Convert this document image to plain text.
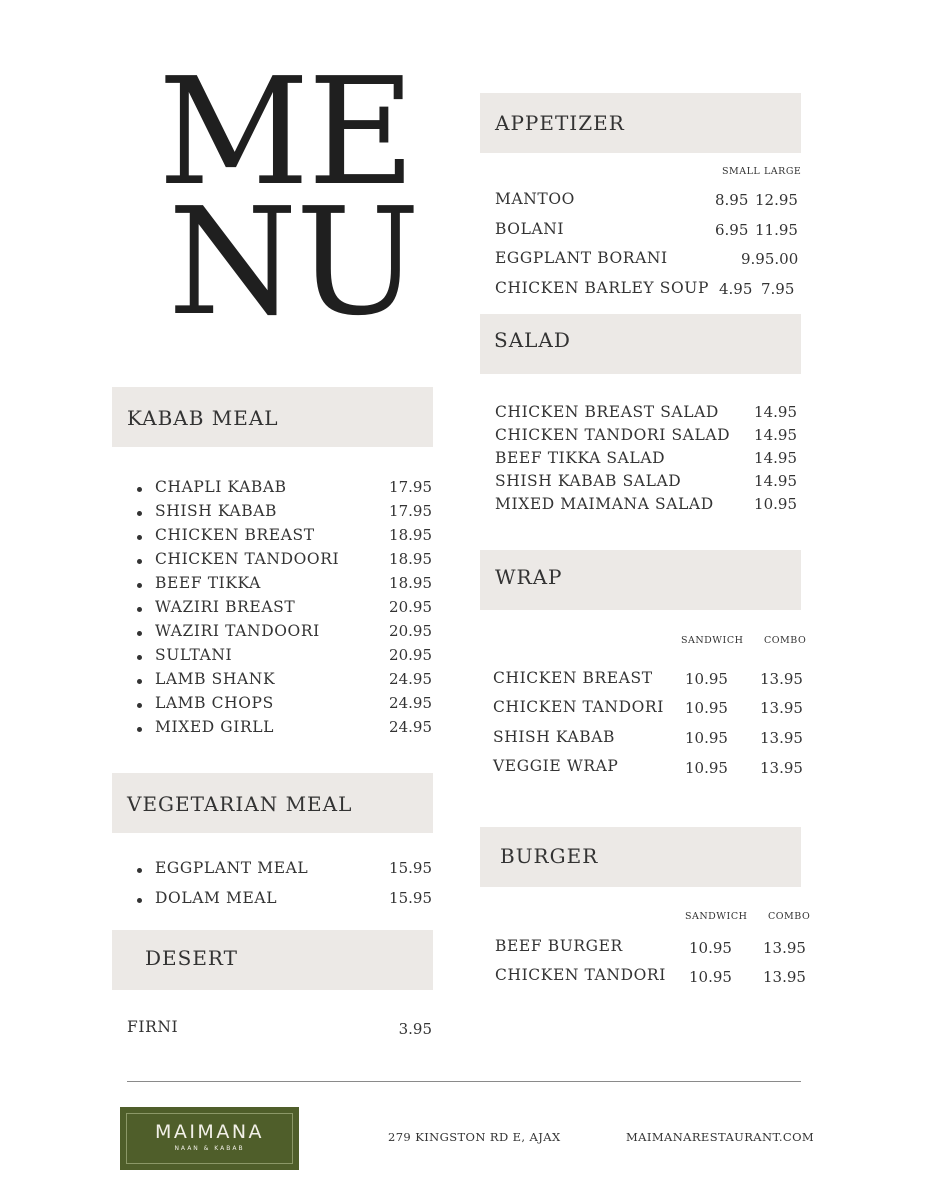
ME
NU
KABAB MEAL
CHAPLI KABAB	17.95
SHISH KABAB	17.95
CHICKEN BREAST	18.95
CHICKEN TANDOORI	18.95
BEEF TIKKA	18.95
WAZIRI BREAST	20.95
WAZIRI TANDOORI	20.95
SULTANI	20.95
LAMB SHANK	24.95
LAMB CHOPS	24.95
MIXED GIRLL	24.95
VEGETARIAN MEAL
EGGPLANT MEAL	15.95
DOLAM MEAL	15.95
DESERT
FIRNI	3.95
APPETIZER
SMALL LARGE
MANTOO	8.95 12.95
BOLANI	6.95 11.95
EGGPLANT BORANI	9.95.00
CHICKEN BARLEY SOUP 4.95 7.95
SALAD
CHICKEN BREAST SALAD 14.95
CHICKEN TANDORI SALAD 14.95
BEEF TIKKA SALAD	14.95
SHISH KABAB SALAD	14.95
MIXED MAIMANA SALAD	10.95
WRAP
SANDWICH COMBO
CHICKEN BREAST 10.95 13.95
CHICKEN TANDORI 10.95 13.95
SHISH KABAB	10.95 13.95
VEGGIE WRAP	10.95 13.95
BURGER
SANDWICH COMBO
BEEF BURGER	10.95 13.95
CHICKEN TANDORI 10.95 13.95
MAIMANA
NAAN & KABAB
279 KINGSTON RD E, AJAX	MAIMANARESTAURANT.COM
